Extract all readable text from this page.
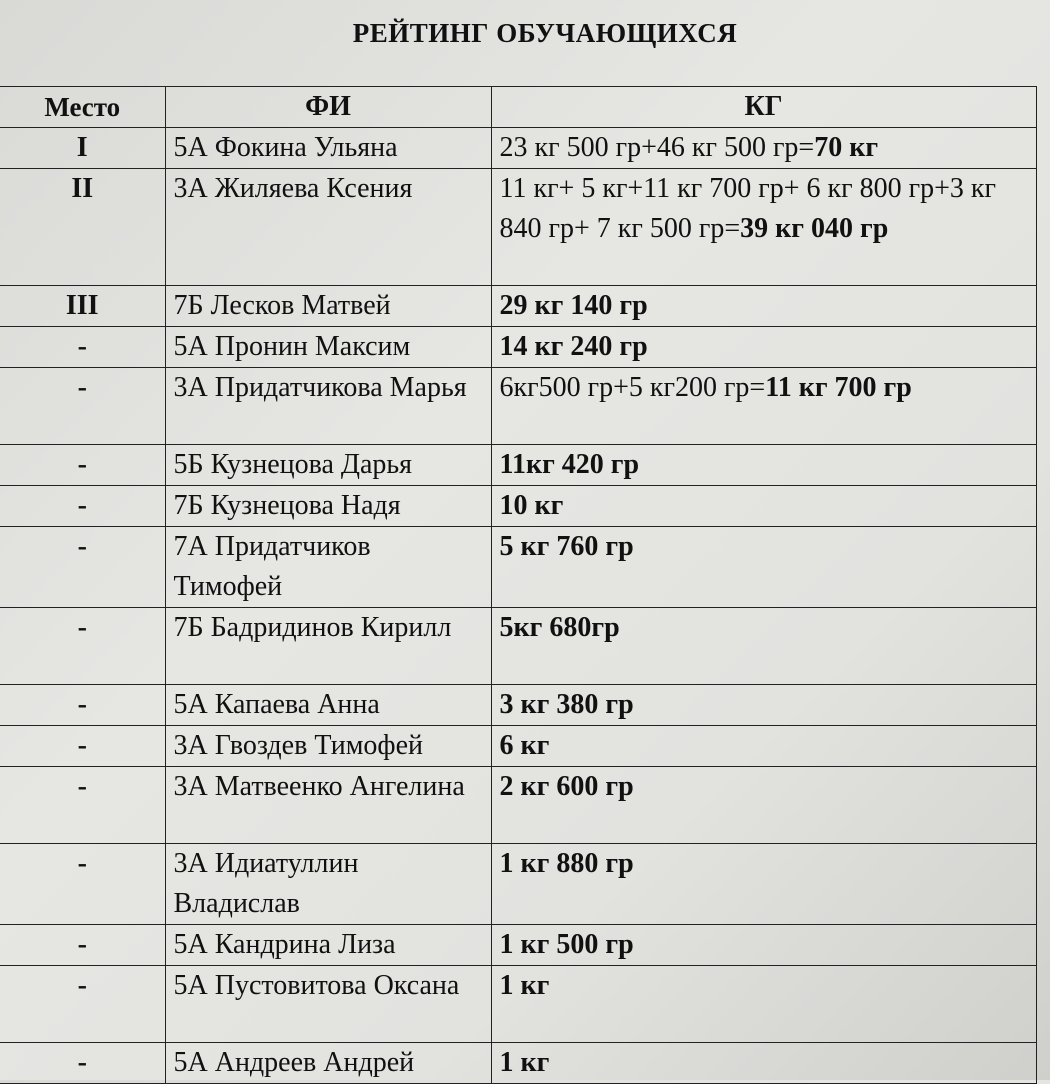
РЕЙТИНГ ОБУЧАЮЩИХСЯ
Место	ФИ	КГ
I	5А Фокина Ульяна	23 кг 500 гр+46 кг 500 гр=70 кг
II	3А Жиляева Ксения	11 кг+ 5 кг+11 кг 700 гр+ 6 кг 800 гр+3 кг 840 гр+ 7 кг 500 гр=39 кг 040 гр
III	7Б Лесков Матвей	29 кг 140 гр
-	5А Пронин Максим	14 кг 240 гр
-	3А Придатчикова Марья	6кг500 гр+5 кг200 гр=11 кг 700 гр
-	5Б Кузнецова Дарья	11кг 420 гр
-	7Б Кузнецова Надя	10 кг
-	7А Придатчиков Тимофей	5 кг 760 гр
-	7Б Бадридинов Кирилл	5кг 680гр
-	5А Капаева Анна	3 кг 380 гр
-	3А Гвоздев Тимофей	6 кг
-	3А Матвеенко Ангелина	2 кг 600 гр
-	3А Идиатуллин Владислав	1 кг 880 гр
-	5А Кандрина Лиза	1 кг 500 гр
-	5А Пустовитова Оксана	1 кг
-	5А Андреев Андрей	1 кг
